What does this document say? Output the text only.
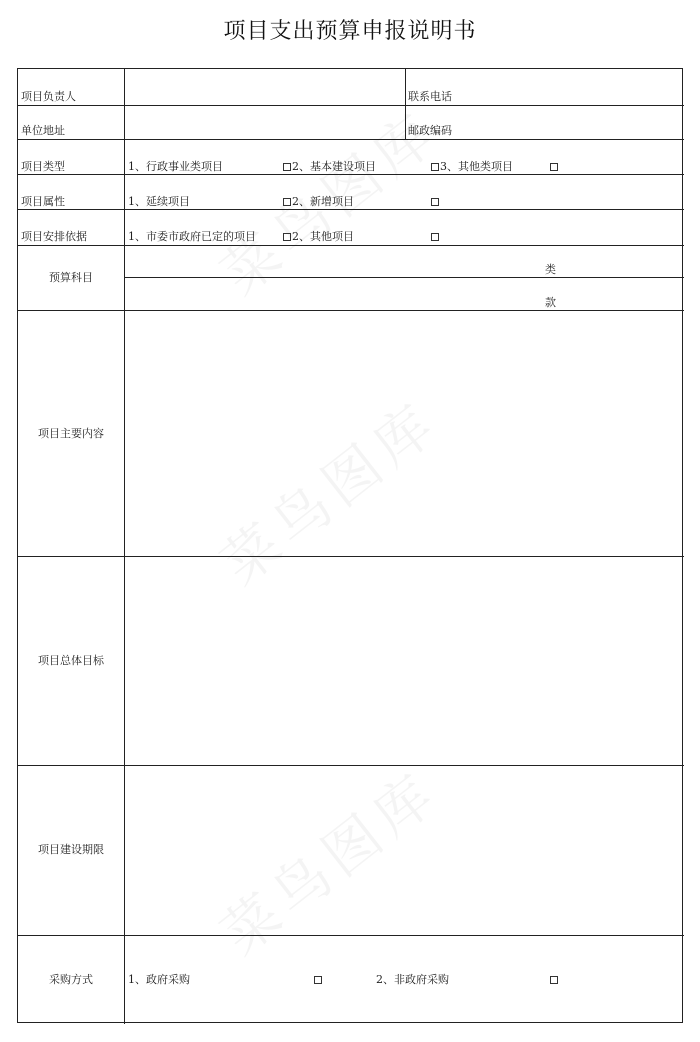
项目支出预算申报说明书
项目负责人	联系电话
单位地址	邮政编码
项目类型	1、行政事业类项目	2、基本建设项目	3、其他类项目
项目属性	1、延续项目	2、新增项目
项目安排依据	1、市委市政府已定的项目	2、其他项目
预算科目
类
款
项目主要内容
项目总体目标
项目建设期限
采购方式	1、政府采购	2、非政府采购
